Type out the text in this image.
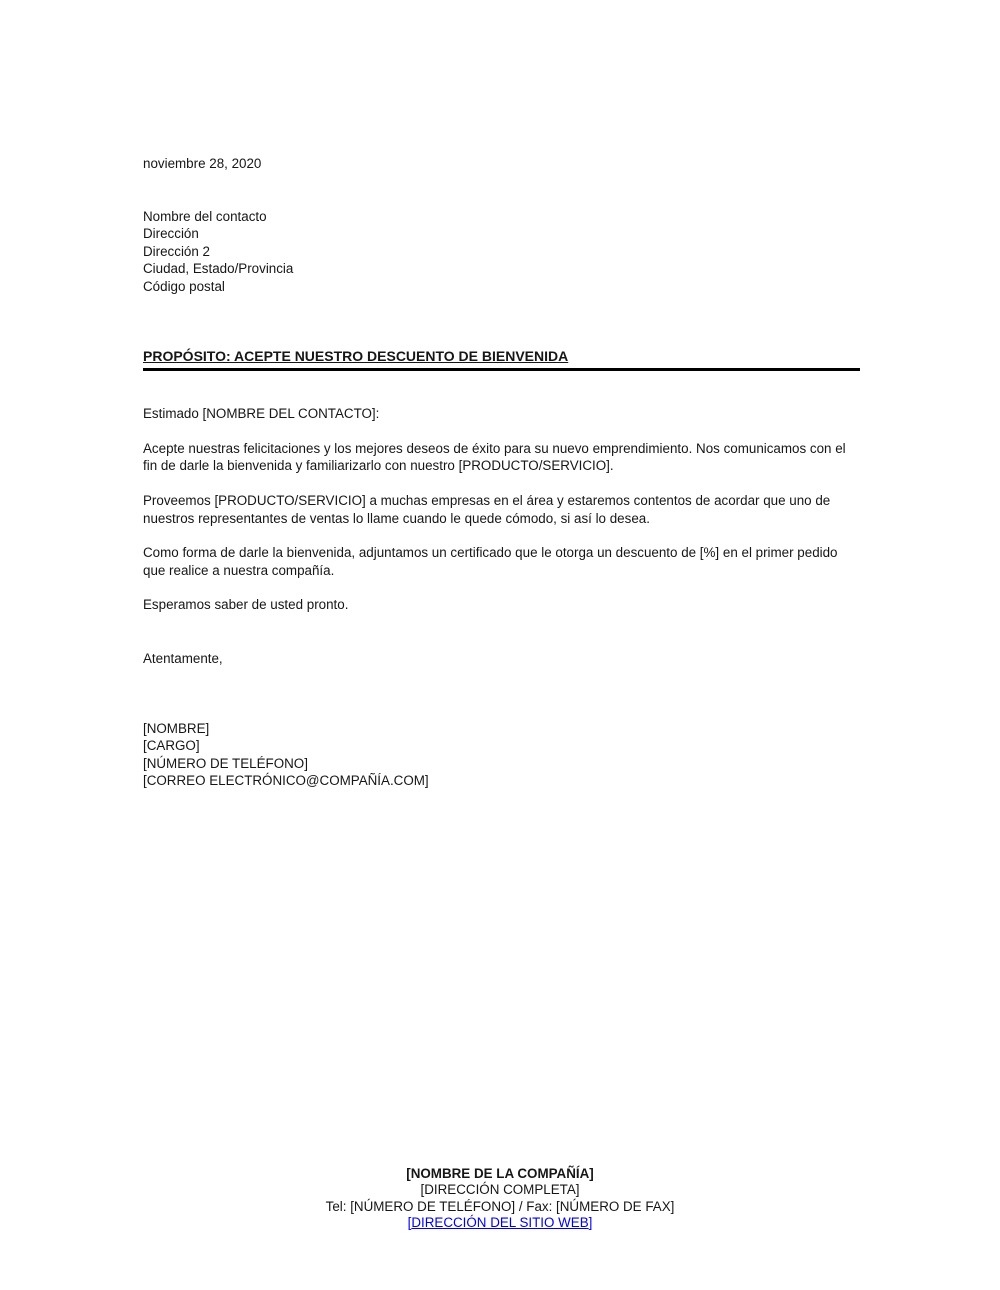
noviembre 28, 2020
Nombre del contacto
Dirección
Dirección 2
Ciudad, Estado/Provincia
Código postal
PROPÓSITO: ACEPTE NUESTRO DESCUENTO DE BIENVENIDA
Estimado [NOMBRE DEL CONTACTO]:
Acepte nuestras felicitaciones y los mejores deseos de éxito para su nuevo emprendimiento. Nos comunicamos con el fin de darle la bienvenida y familiarizarlo con nuestro [PRODUCTO/SERVICIO].
Proveemos [PRODUCTO/SERVICIO] a muchas empresas en el área y estaremos contentos de acordar que uno de nuestros representantes de ventas lo llame cuando le quede cómodo, si así lo desea.
Como forma de darle la bienvenida, adjuntamos un certificado que le otorga un descuento de [%] en el primer pedido que realice a nuestra compañía.
Esperamos saber de usted pronto.
Atentamente,
[NOMBRE]
[CARGO]
[NÚMERO DE TELÉFONO]
[CORREO ELECTRÓNICO@COMPAÑÍA.COM]
[NOMBRE DE LA COMPAÑÍA]
[DIRECCIÓN COMPLETA]
Tel: [NÚMERO DE TELÉFONO] / Fax: [NÚMERO DE FAX]
[DIRECCIÓN DEL SITIO WEB]
